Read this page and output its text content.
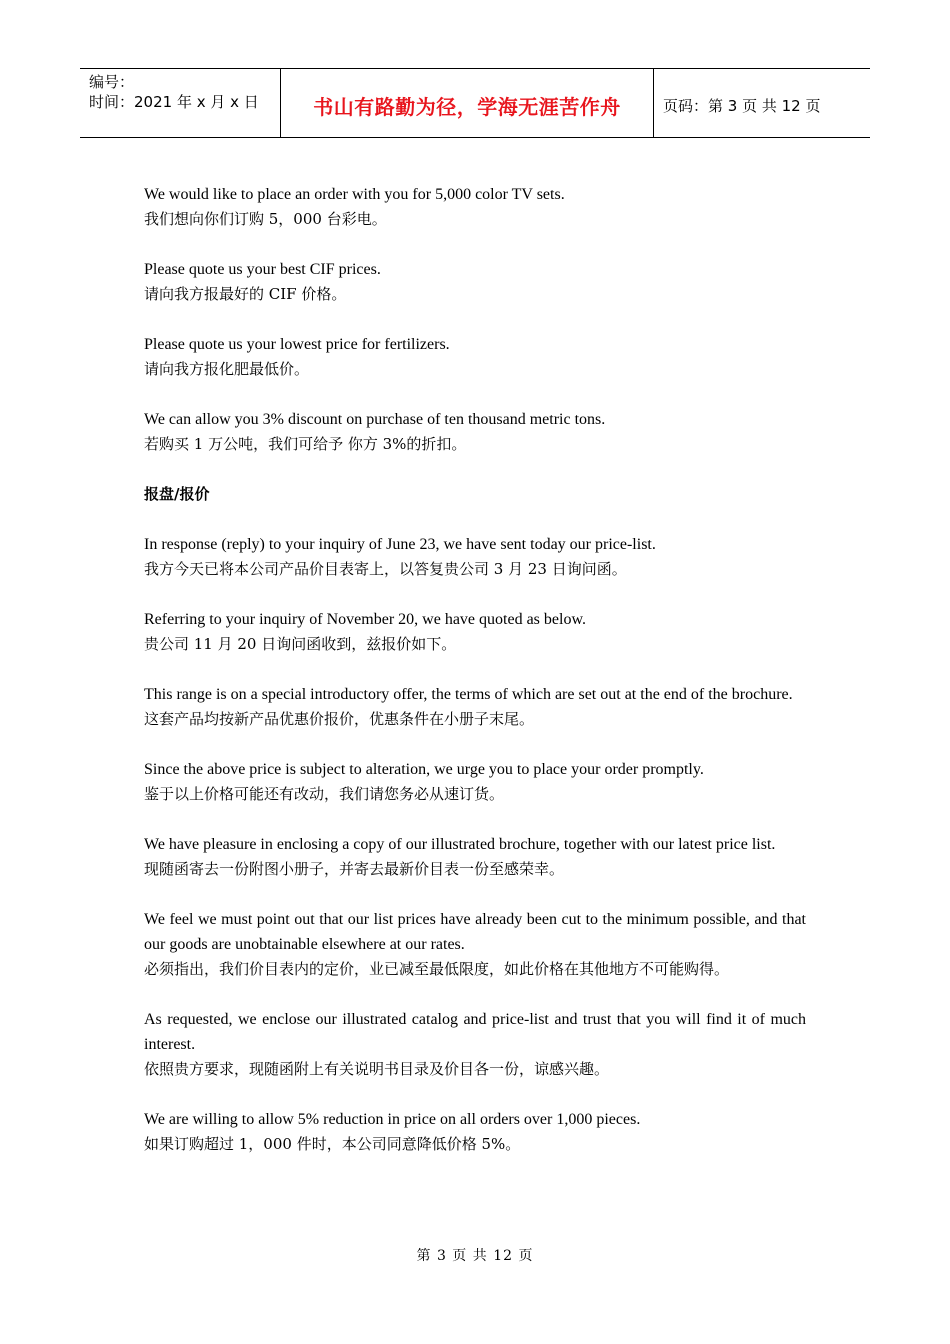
编号：
时间：2021 年 x 月 x 日	书山有路勤为径，学海无涯苦作舟	页码：第 3 页 共 12 页
We would like to place an order with you for 5,000 color TV sets.
我们想向你们订购 5，000 台彩电。
Please quote us your best CIF prices.
请向我方报最好的 CIF 价格。
Please quote us your lowest price for fertilizers.
请向我方报化肥最低价。
We can allow you 3% discount on purchase of ten thousand metric tons.
若购买 1 万公吨，我们可给予 你方 3%的折扣。
报盘/报价
In response (reply) to your inquiry of June 23, we have sent today our price-list.
我方今天已将本公司产品价目表寄上，以答复贵公司 3 月 23 日询问函。
Referring to your inquiry of November 20, we have quoted as below.
贵公司 11 月 20 日询问函收到，兹报价如下。
This range is on a special introductory offer, the terms of which are set out at the end of the brochure.
这套产品均按新产品优惠价报价，优惠条件在小册子末尾。
Since the above price is subject to alteration, we urge you to place your order promptly.
鉴于以上价格可能还有改动，我们请您务必从速订货。
We have pleasure in enclosing a copy of our illustrated brochure, together with our latest price list.
现随函寄去一份附图小册子，并寄去最新价目表一份至感荣幸。
We feel we must point out that our list prices have already been cut to the minimum possible, and that our goods are unobtainable elsewhere at our rates.
必须指出，我们价目表内的定价，业已减至最低限度，如此价格在其他地方不可能购得。
As requested, we enclose our illustrated catalog and price-list and trust that you will find it of much interest.
依照贵方要求，现随函附上有关说明书目录及价目各一份，谅感兴趣。
We are willing to allow 5% reduction in price on all orders over 1,000 pieces.
如果订购超过 1，000 件时，本公司同意降低价格 5%。
第 3 页 共 12 页
